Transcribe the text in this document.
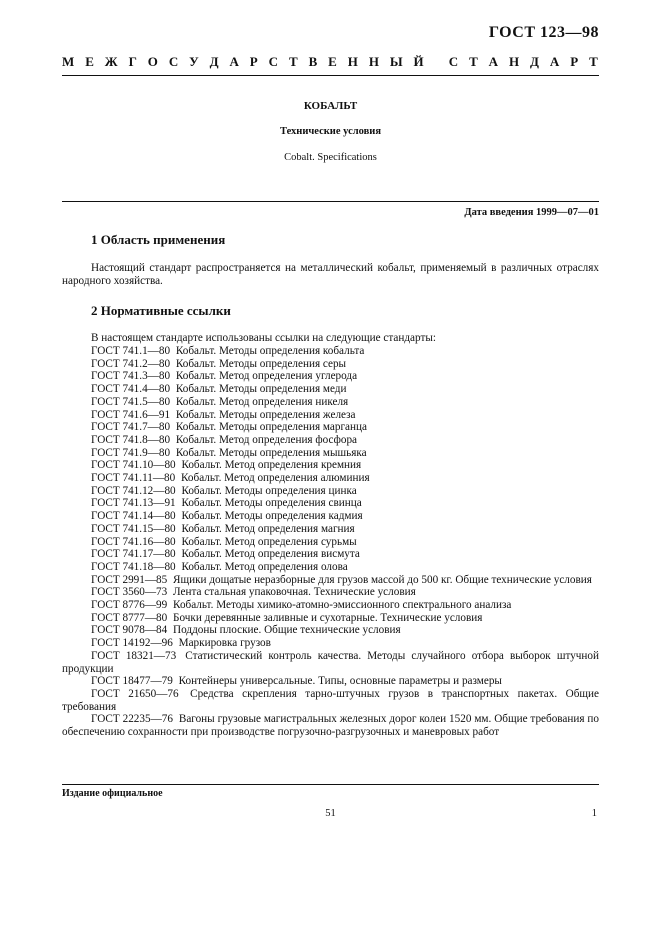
ГОСТ 123—98
М Е Ж Г О С У Д А Р С Т В Е Н Н Ы Й
С Т А Н Д А Р Т
КОБАЛЬТ
Технические условия
Cobalt. Specifications
Дата введения 1999—07—01
1 Область применения
Настоящий стандарт распространяется на металлический кобальт, применяемый в различных отраслях народного хозяйства.
2 Нормативные ссылки
В настоящем стандарте использованы ссылки на следующие стандарты:

ГОСТ 741.1—80 Кобальт. Методы определения кобальта

ГОСТ 741.2—80 Кобальт. Методы определения серы

ГОСТ 741.3—80 Кобальт. Метод определения углерода

ГОСТ 741.4—80 Кобальт. Методы определения меди

ГОСТ 741.5—80 Кобальт. Метод определения никеля

ГОСТ 741.6—91 Кобальт. Методы определения железа

ГОСТ 741.7—80 Кобальт. Методы определения марганца

ГОСТ 741.8—80 Кобальт. Метод определения фосфора

ГОСТ 741.9—80 Кобальт. Методы определения мышьяка

ГОСТ 741.10—80 Кобальт. Метод определения кремния

ГОСТ 741.11—80 Кобальт. Метод определения алюминия

ГОСТ 741.12—80 Кобальт. Методы определения цинка

ГОСТ 741.13—91 Кобальт. Методы определения свинца

ГОСТ 741.14—80 Кобальт. Методы определения кадмия

ГОСТ 741.15—80 Кобальт. Метод определения магния

ГОСТ 741.16—80 Кобальт. Метод определения сурьмы

ГОСТ 741.17—80 Кобальт. Метод определения висмута

ГОСТ 741.18—80 Кобальт. Метод определения олова

ГОСТ 2991—85 Ящики дощатые неразборные для грузов массой до 500 кг. Общие технические условия

ГОСТ 3560—73 Лента стальная упаковочная. Технические условия

ГОСТ 8776—99 Кобальт. Методы химико-атомно-эмиссионного спектрального анализа

ГОСТ 8777—80 Бочки деревянные заливные и сухотарные. Технические условия

ГОСТ 9078—84 Поддоны плоские. Общие технические условия

ГОСТ 14192—96 Маркировка грузов

ГОСТ 18321—73 Статистический контроль качества. Методы случайного отбора выборок штучной продукции

ГОСТ 18477—79 Контейнеры универсальные. Типы, основные параметры и размеры

ГОСТ 21650—76 Средства скрепления тарно-штучных грузов в транспортных пакетах. Общие требования

ГОСТ 22235—76 Вагоны грузовые магистральных железных дорог колеи 1520 мм. Общие требования по обеспечению сохранности при производстве погрузочно-разгрузочных и маневровых работ

Издание официальное
51	1
